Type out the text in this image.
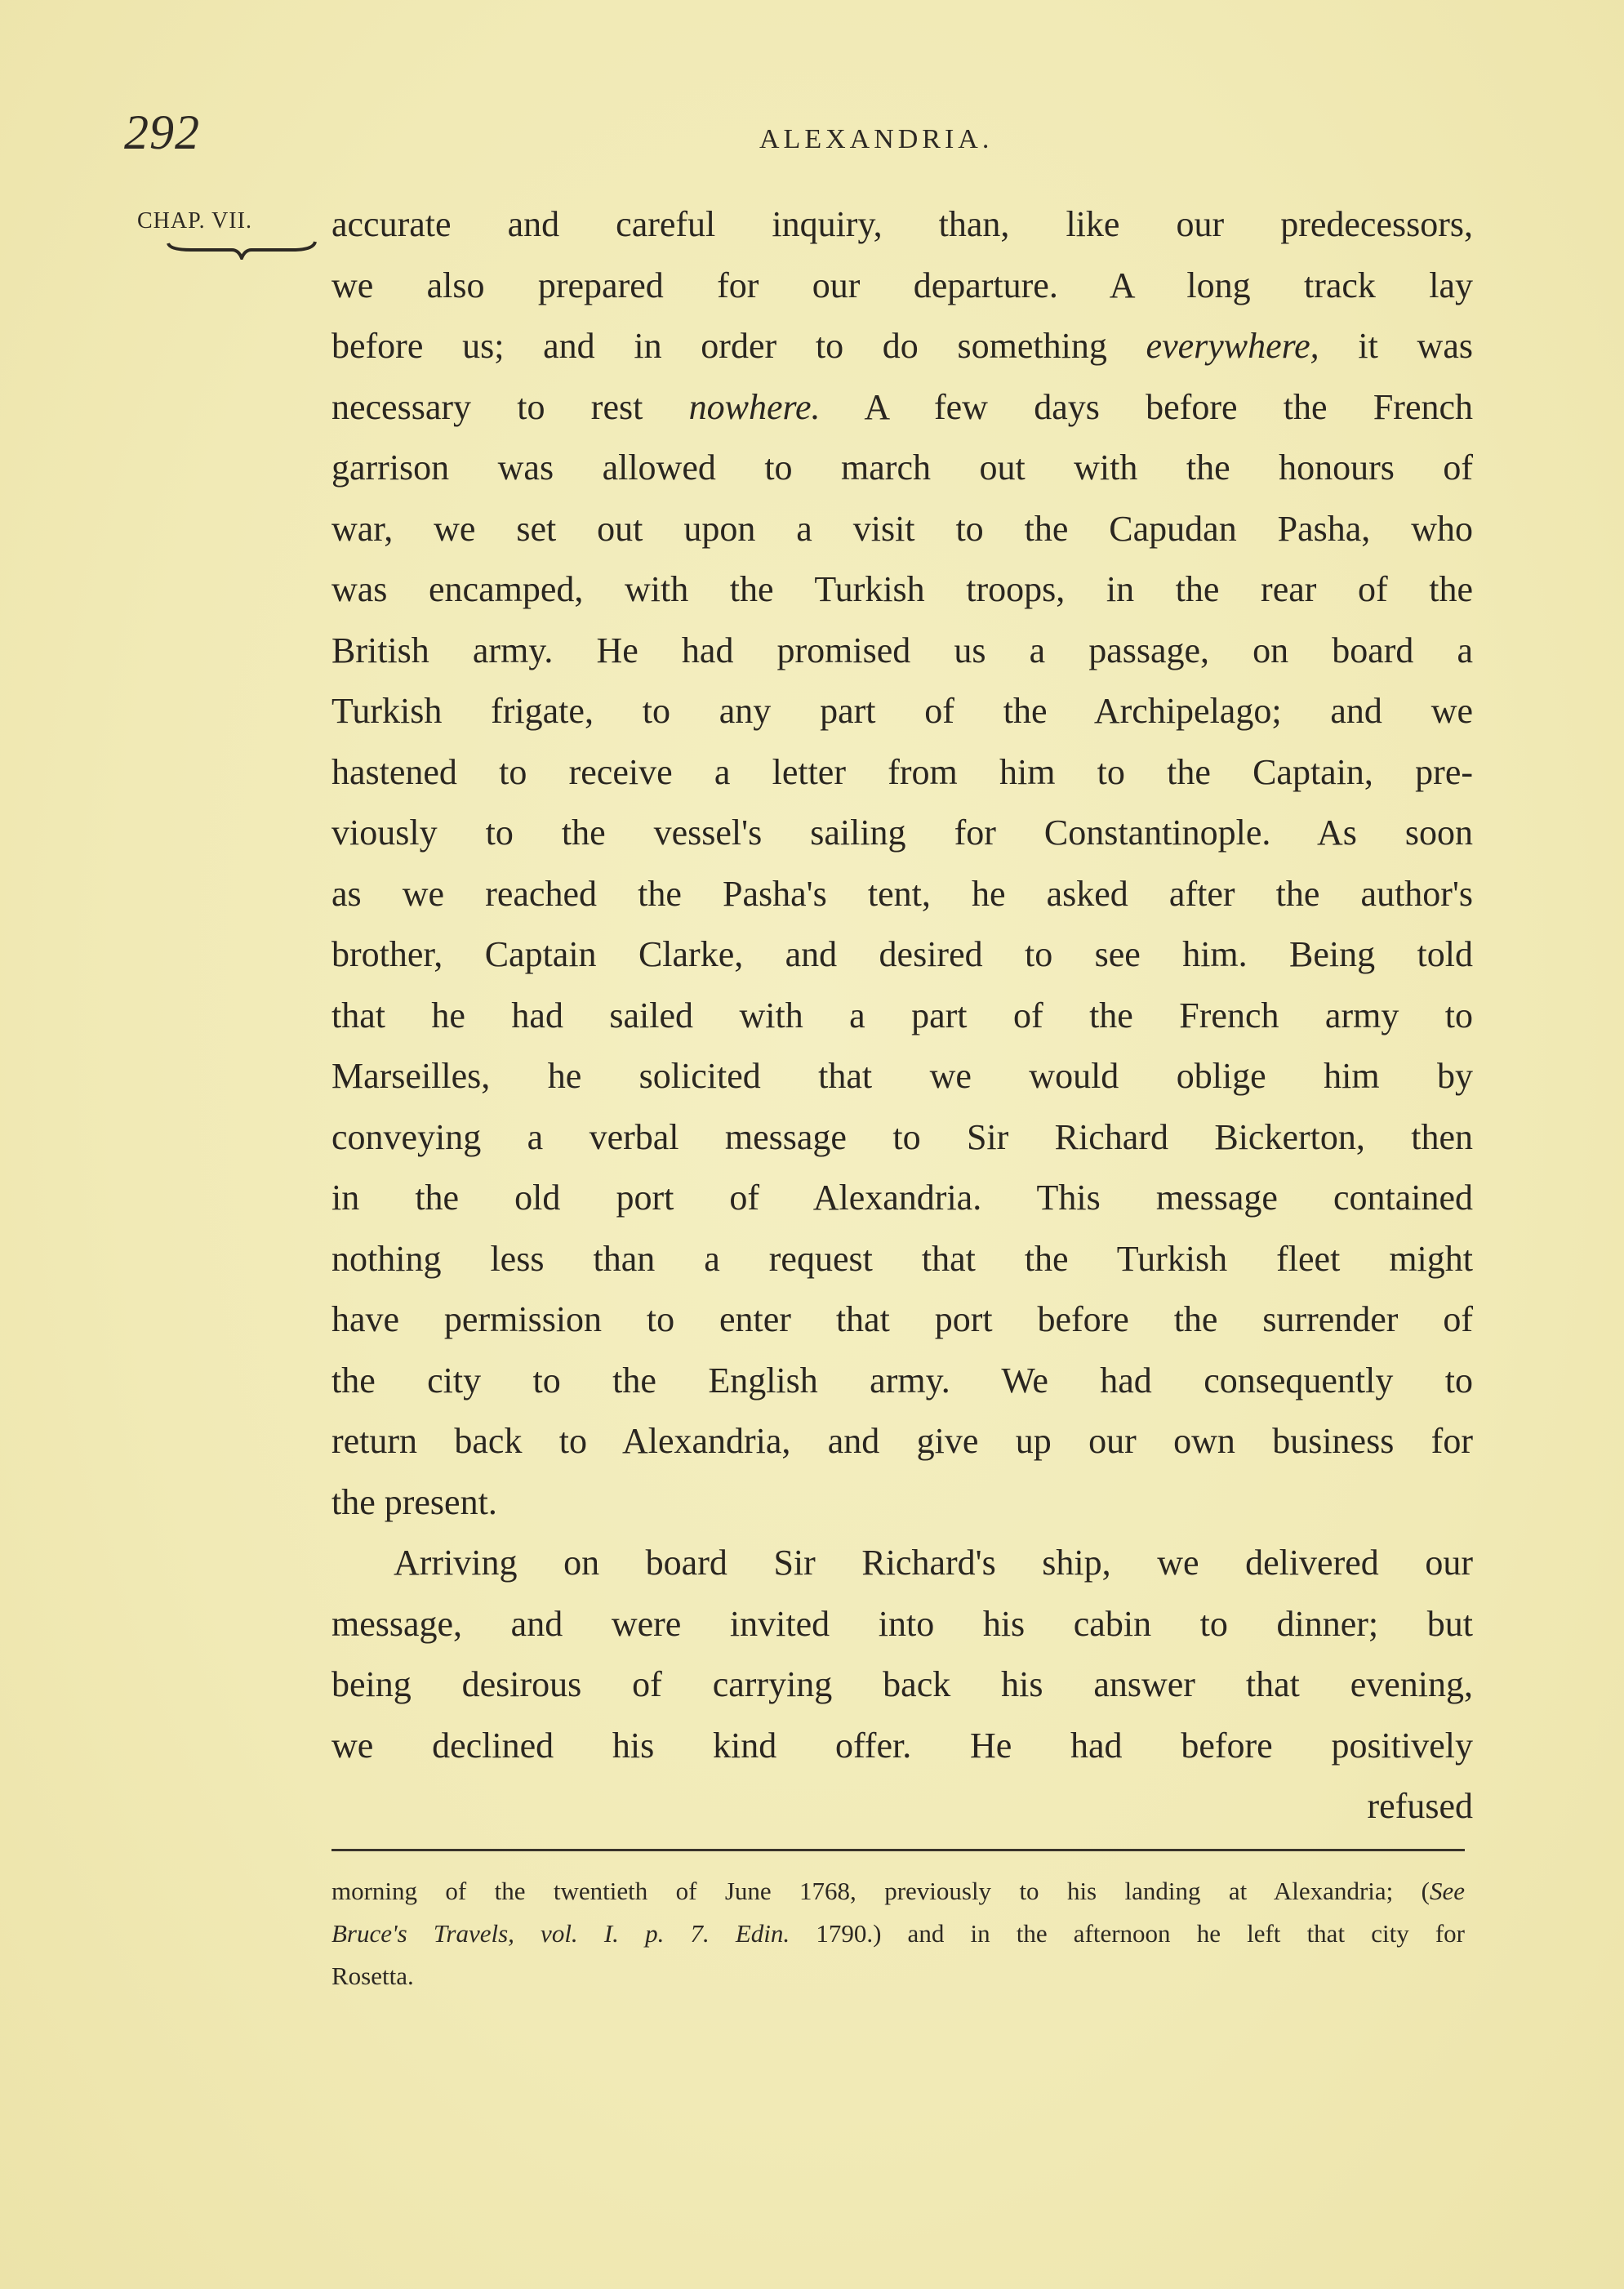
292	ALEXANDRIA.
CHAP. VII. accurate and careful inquiry, than, like our predecessors,
we also prepared for our departure. A long track lay
before us; and in order to do something everywhere, it was
necessary to rest nowhere. A few days before the French
garrison was allowed to march out with the honours of
war, we set out upon a visit to the Capudan Pasha, who
was encamped, with the Turkish troops, in the rear of the
British army. He had promised us a passage, on board a
Turkish frigate, to any part of the Archipelago; and we
hastened to receive a letter from him to the Captain, pre-
viously to the vessel's sailing for Constantinople. As soon
as we reached the Pasha's tent, he asked after the author's
brother, Captain Clarke, and desired to see him. Being told
that he had sailed with a part of the French army to
Marseilles, he solicited that we would oblige him by
conveying a verbal message to Sir Richard Bickerton, then
in the old port of Alexandria. This message contained
nothing less than a request that the Turkish fleet might
have permission to enter that port before the surrender of
the city to the English army. We had consequently to
return back to Alexandria, and give up our own business for
the present.
Arriving on board Sir Richard's ship, we delivered our
message, and were invited into his cabin to dinner; but
being desirous of carrying back his answer that evening,
we declined his kind offer. He had before positively
refused
morning of the twentieth of June 1768, previously to his landing at Alexandria; (See
Bruce's Travels, vol. I. p. 7. Edin. 1790.) and in the afternoon he left that city for
Rosetta.
